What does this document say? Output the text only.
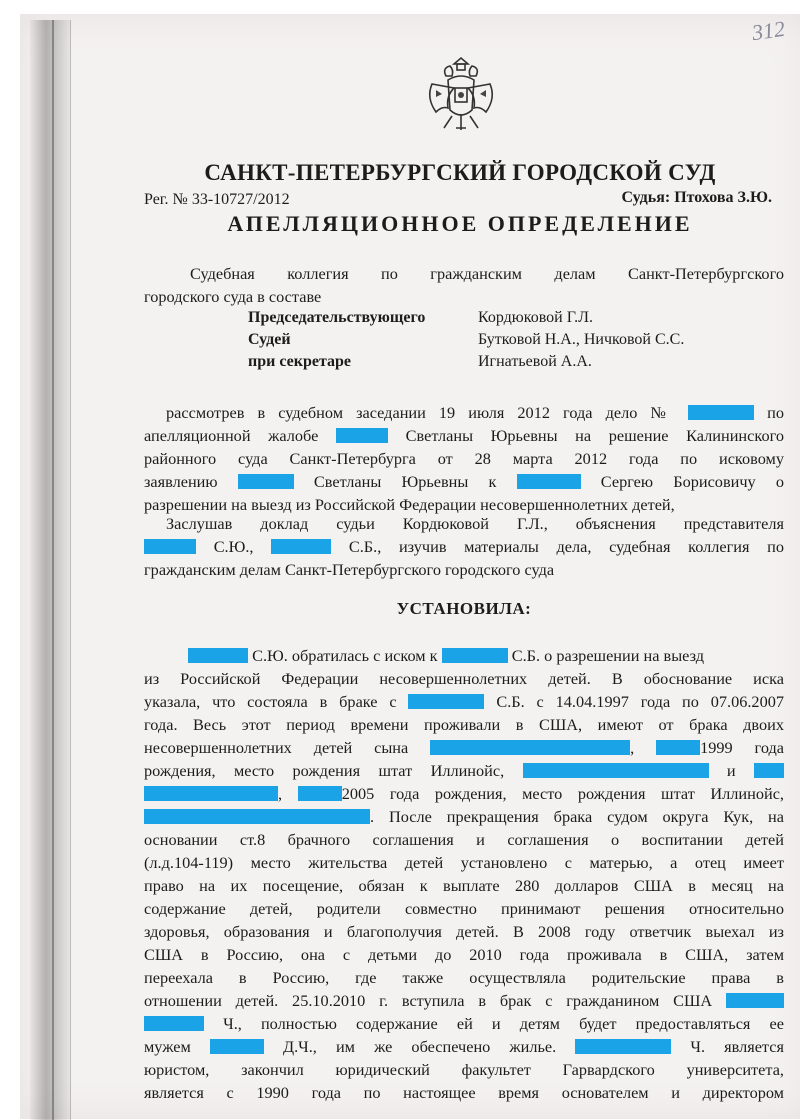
312
САНКТ-ПЕТЕРБУРГСКИЙ ГОРОДСКОЙ СУД
Рег. № 33-10727/2012	Судья: Птохова З.Ю.
АПЕЛЛЯЦИОННОЕ ОПРЕДЕЛЕНИЕ
Судебная коллегия по гражданским делам Санкт-Петербургского
городского суда в составе
Председательствующего	Кордюковой Г.Л.
Судей	Бутковой Н.А., Ничковой С.С.
при секретаре	Игнатьевой А.А.
рассмотрев в судебном заседании 19 июля 2012 года дело №	по
апелляционной жалобе	Светланы Юрьевны на решение Калининского
районного суда Санкт-Петербурга от 28 марта 2012 года по исковому
заявлению	Светланы Юрьевны к	Сергею Борисовичу о
разрешении на выезд из Российской Федерации несовершеннолетних детей,
Заслушав доклад судьи Кордюковой Г.Л., объяснения представителя
С.Ю.,	С.Б., изучив материалы дела, судебная коллегия по
гражданским делам Санкт-Петербургского городского суда
УСТАНОВИЛА:
С.Ю. обратилась с иском к	С.Б. о разрешении на выезд
из Российской Федерации несовершеннолетних детей. В обоснование иска
указала, что состояла в браке с	С.Б. с 14.04.1997 года по 07.06.2007
года. Весь этот период времени проживали в США, имеют от брака двоих
несовершеннолетних детей сына	,	1999 года
рождения, место рождения штат Иллинойс,	и
,	2005 года рождения, место рождения штат Иллинойс,
. После прекращения брака судом округа Кук, на
основании ст.8 брачного соглашения и соглашения о воспитании детей
(л.д.104-119) место жительства детей установлено с матерью, а отец имеет
право на их посещение, обязан к выплате 280 долларов США в месяц на
содержание детей, родители совместно принимают решения относительно
здоровья, образования и благополучия детей. В 2008 году ответчик выехал из
США в Россию, она с детьми до 2010 года проживала в США, затем
переехала в Россию, где также осуществляла родительские права в
отношении детей. 25.10.2010 г. вступила в брак с гражданином США
Ч., полностью содержание ей и детям будет предоставляться ее
мужем	Д.Ч., им же обеспечено жилье.	Ч. является
юристом, закончил юридический факультет Гарвардского университета,
является с 1990 года по настоящее время основателем и директором
